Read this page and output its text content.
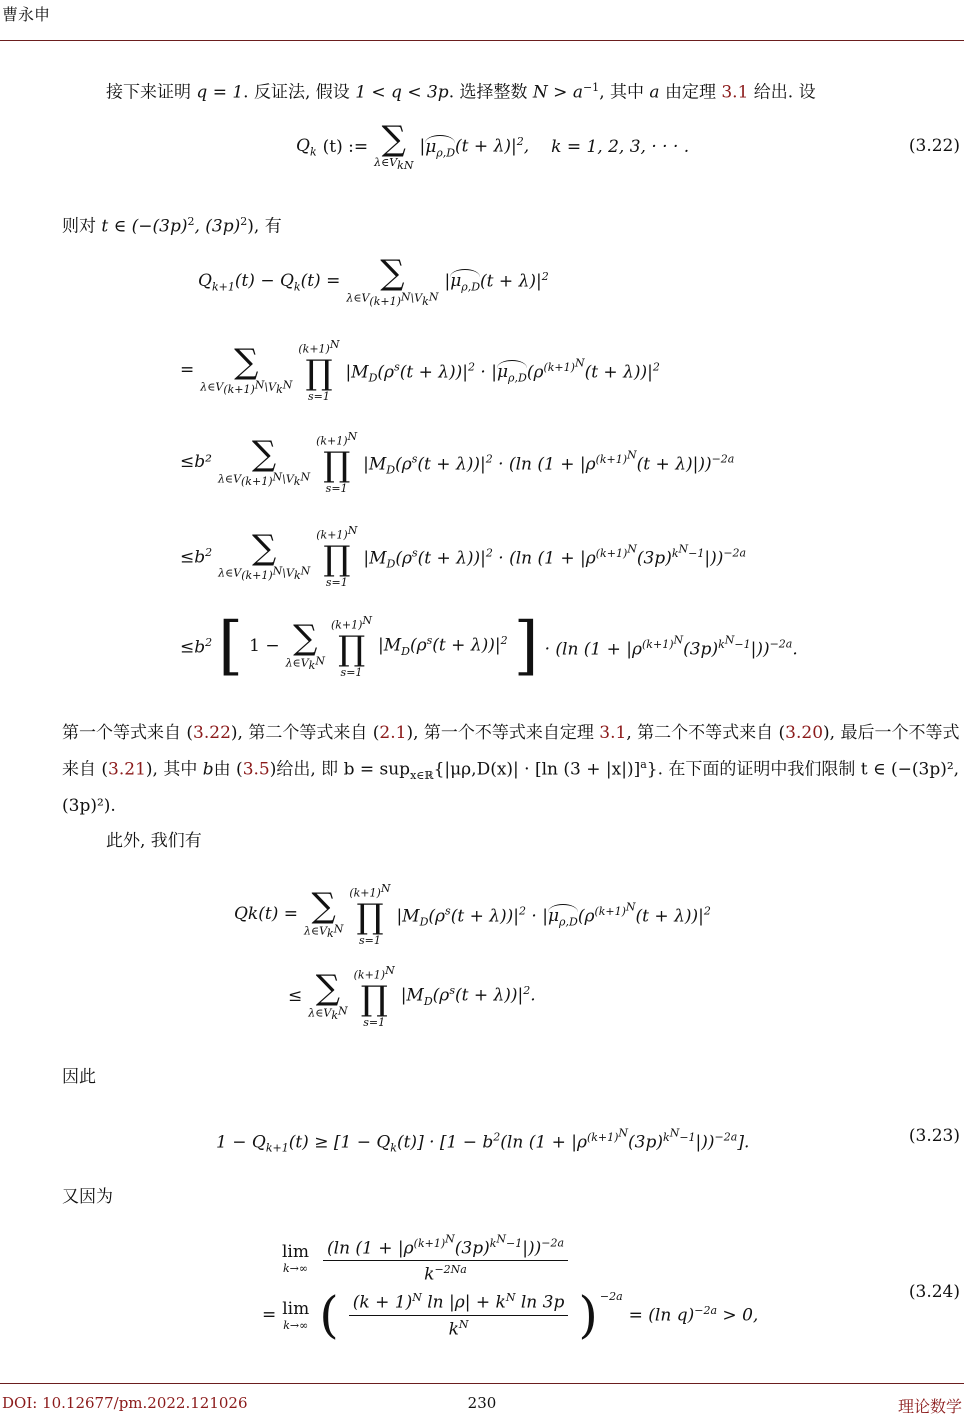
曹永申
接下来证明 q = 1. 反证法, 假设 1 < q < 3p. 选择整数 $N > a^{-1}$, 其中 a 由定理 3.1 给出. 设
$Q_k$ (t) := ∑
$\lambda\in V_{kN}$
$|\mu_{\rho,D}(t + \lambda)|^2$, k = 1, 2, 3, · · · .	(3.22)
则对 t ∈ ($-(3p)^2$, $(3p)^2$), 有
$Q_{k+1}(t) - Q_k(t)$ =	∑
$\lambda\in V_{(k+1)^N}\backslash V_{k^N}$
$|\mu_{\rho,D}(t + \lambda)|^2$
=	∑
$\lambda\in V_{(k+1)^N}\backslash V_{k^N}$
$(k+1)^N$
∏
s=1
$|M_D(\rho^s(t + \lambda))|^2 \cdot |\mu_{\rho,D}(\rho^{(k+1)^N}(t + \lambda))|^2$
≤b²	∑
$\lambda\in V_{(k+1)^N}\backslash V_{k^N}$
$(k+1)^N$
∏
s=1
$|M_D(\rho^s(t + \lambda))|^2 \cdot (\ln$ $(1 + |\rho^{(k+1)^N}(t + \lambda)|))^{-2a}$
$\le b^2$	∑
$\lambda\in V_{(k+1)^N}\backslash V_{k^N}$
$(k+1)^N$
∏
s=1
$|M_D(\rho^s(t + \lambda))|^2 \cdot (\ln$ $(1 + |\rho^{(k+1)^N}(3p)^{k^N-1}|))^{-2a}$
$\le b^2$ [ 1 − ∑
$\lambda\in V_{k^N}$
$(k+1)^N$
∏
s=1
$|M_D(\rho^s(t + \lambda))|^2$ ] · (ln $(1 + |\rho^{(k+1)^N}(3p)^{k^N-1}|))^{-2a}$.
第一个等式来自 (3.22), 第二个等式来自 (2.1), 第一个不等式来自定理 3.1, 第二个不等式来自 (3.20), 最后一个不等式来自 (3.21), 其中 b由 (3.5)给出, 即 b = sup$_{x\in ℝ}${|μρ,D(x)| · [ln (3 + |x|)]$^a$}. 在下面的证明中我们限制 t ∈ (−(3p)², (3p)²).
此外, 我们有
Qk(t) = ∑
$\lambda\in V_{k^N}$
$(k+1)^N$
∏
s=1
$|M_D(\rho^s(t + \lambda))|^2 \cdot |\mu_{\rho,D}(\rho^{(k+1)^N}(t + \lambda))|^2$
≤ ∑
$\lambda\in V_{k^N}$
$(k+1)^N$
∏
s=1
$|M_D(\rho^s(t + \lambda))|^2$.
因此
$1 - Q_{k+1}(t) \ge [1 - Q_k(t)] \cdot [1 - b^2(\ln$ $(1 + |\rho^{(k+1)^N}(3p)^{k^N-1}|))^{-2a}$].	(3.23)
又因为
lim
$k\to\infty \frac{(\ln (1 + |\rho^{(k+1)^N}(3p)^{k^N-1}|))^{-2a}}{k^{-2Na}}$
= lim
k→∞ ( $\frac{(k + 1)^N \ln |\rho| + k^N \ln 3p}{k^N} )^{-2a}$
= (ln q)$^{-2a}$ > 0,
(3.24)
DOI: 10.12677/pm.2022.121026	230	理论数学
